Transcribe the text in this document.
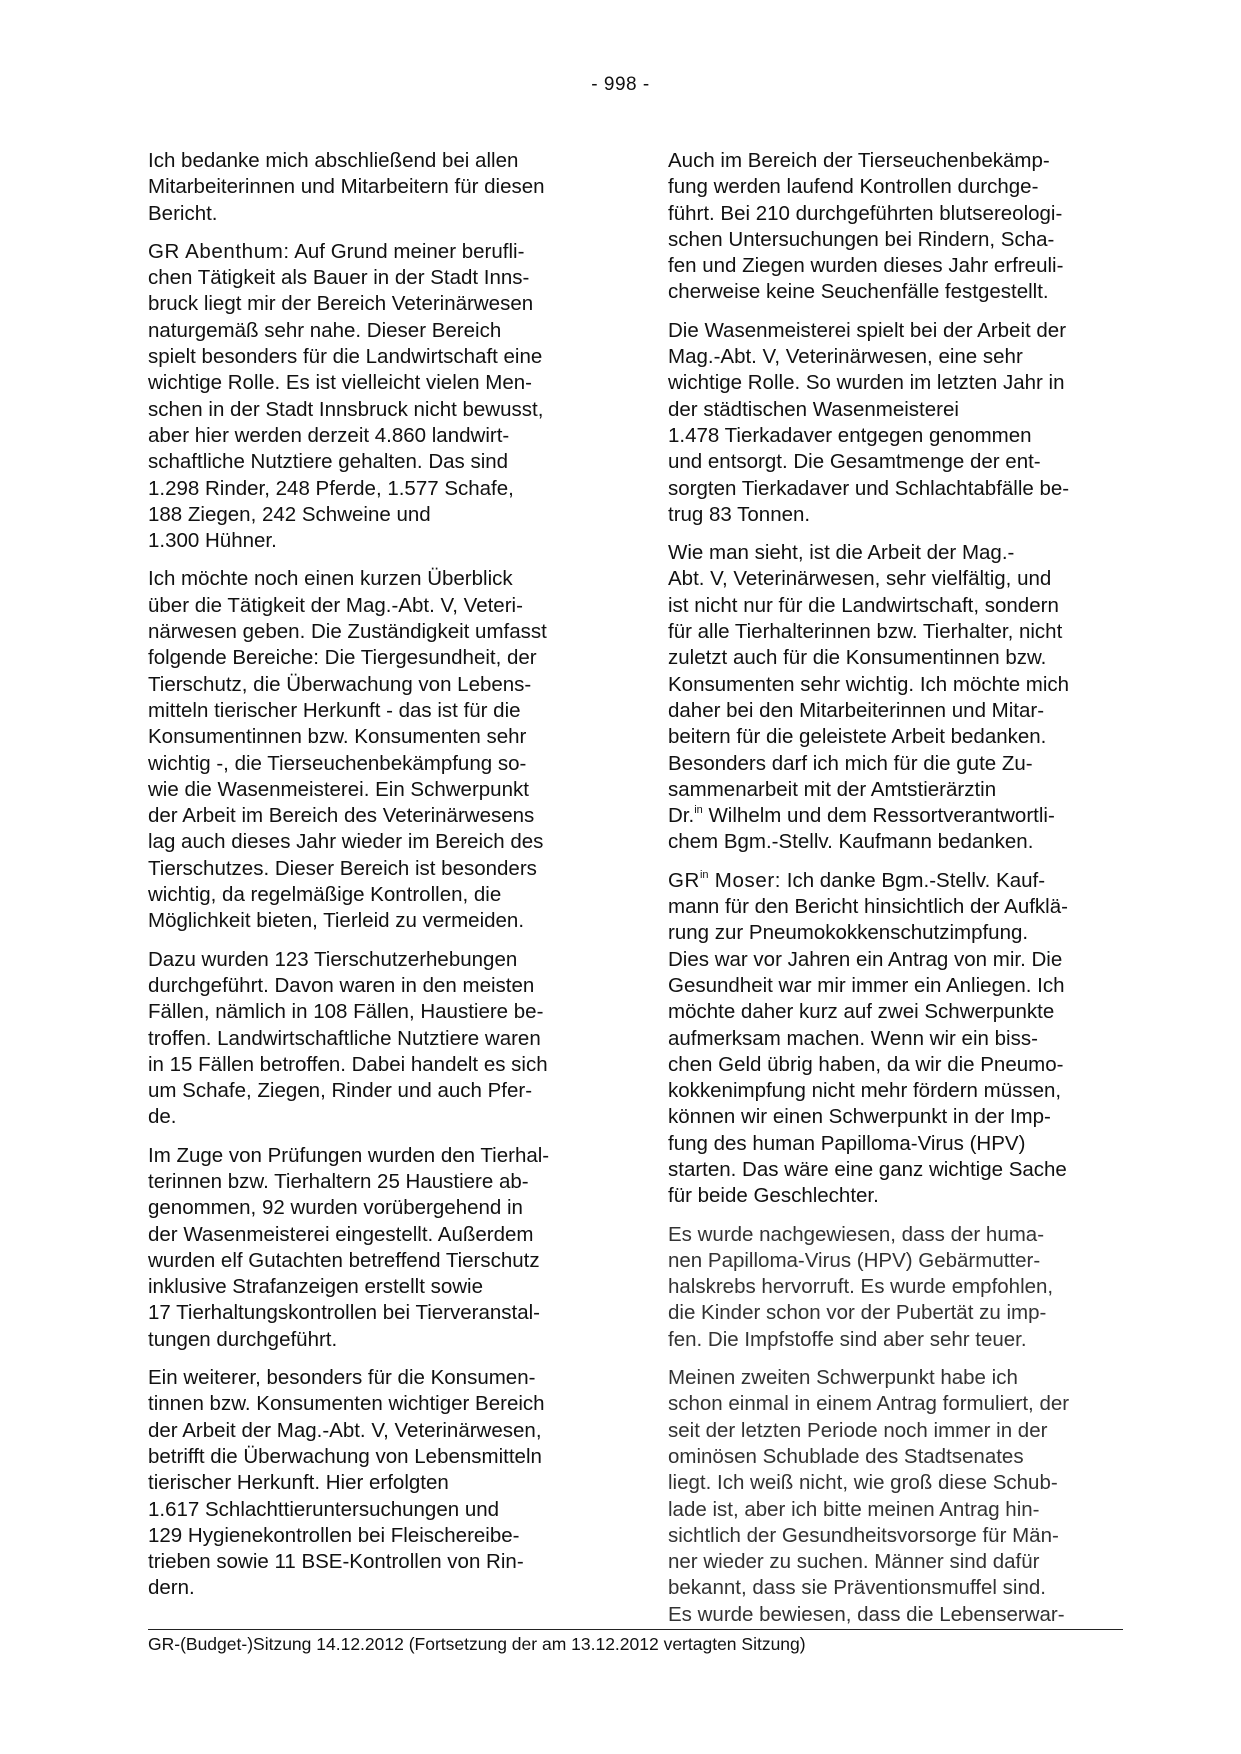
- 998 -

Ich bedanke mich abschließend bei allen
Mitarbeiterinnen und Mitarbeitern für diesen
Bericht.

GR Abenthum: Auf Grund meiner berufli-
chen Tätigkeit als Bauer in der Stadt Inns-
bruck liegt mir der Bereich Veterinärwesen
naturgemäß sehr nahe. Dieser Bereich
spielt besonders für die Landwirtschaft eine
wichtige Rolle. Es ist vielleicht vielen Men-
schen in der Stadt Innsbruck nicht bewusst,
aber hier werden derzeit 4.860 landwirt-
schaftliche Nutztiere gehalten. Das sind
1.298 Rinder, 248 Pferde, 1.577 Schafe,
188 Ziegen, 242 Schweine und
1.300 Hühner.

Ich möchte noch einen kurzen Überblick
über die Tätigkeit der Mag.-Abt. V, Veteri-
närwesen geben. Die Zuständigkeit umfasst
folgende Bereiche: Die Tiergesundheit, der
Tierschutz, die Überwachung von Lebens-
mitteln tierischer Herkunft - das ist für die
Konsumentinnen bzw. Konsumenten sehr
wichtig -, die Tierseuchenbekämpfung so-
wie die Wasenmeisterei. Ein Schwerpunkt
der Arbeit im Bereich des Veterinärwesens
lag auch dieses Jahr wieder im Bereich des
Tierschutzes. Dieser Bereich ist besonders
wichtig, da regelmäßige Kontrollen, die
Möglichkeit bieten, Tierleid zu vermeiden.

Dazu wurden 123 Tierschutzerhebungen
durchgeführt. Davon waren in den meisten
Fällen, nämlich in 108 Fällen, Haustiere be-
troffen. Landwirtschaftliche Nutztiere waren
in 15 Fällen betroffen. Dabei handelt es sich
um Schafe, Ziegen, Rinder und auch Pfer-
de.

Im Zuge von Prüfungen wurden den Tierhal-
terinnen bzw. Tierhaltern 25 Haustiere ab-
genommen, 92 wurden vorübergehend in
der Wasenmeisterei eingestellt. Außerdem
wurden elf Gutachten betreffend Tierschutz
inklusive Strafanzeigen erstellt sowie
17 Tierhaltungskontrollen bei Tierveranstal-
tungen durchgeführt.

Ein weiterer, besonders für die Konsumen-
tinnen bzw. Konsumenten wichtiger Bereich
der Arbeit der Mag.-Abt. V, Veterinärwesen,
betrifft die Überwachung von Lebensmitteln
tierischer Herkunft. Hier erfolgten
1.617 Schlachttieruntersuchungen und
129 Hygienekontrollen bei Fleischereibe-
trieben sowie 11 BSE-Kontrollen von Rin-
dern.

Auch im Bereich der Tierseuchenbekämp-
fung werden laufend Kontrollen durchge-
führt. Bei 210 durchgeführten blutsereologi-
schen Untersuchungen bei Rindern, Scha-
fen und Ziegen wurden dieses Jahr erfreuli-
cherweise keine Seuchenfälle festgestellt.

Die Wasenmeisterei spielt bei der Arbeit der
Mag.-Abt. V, Veterinärwesen, eine sehr
wichtige Rolle. So wurden im letzten Jahr in
der städtischen Wasenmeisterei
1.478 Tierkadaver entgegen genommen
und entsorgt. Die Gesamtmenge der ent-
sorgten Tierkadaver und Schlachtabfälle be-
trug 83 Tonnen.

Wie man sieht, ist die Arbeit der Mag.-
Abt. V, Veterinärwesen, sehr vielfältig, und
ist nicht nur für die Landwirtschaft, sondern
für alle Tierhalterinnen bzw. Tierhalter, nicht
zuletzt auch für die Konsumentinnen bzw.
Konsumenten sehr wichtig. Ich möchte mich
daher bei den Mitarbeiterinnen und Mitar-
beitern für die geleistete Arbeit bedanken.
Besonders darf ich mich für die gute Zu-
sammenarbeit mit der Amtstierärztin
Dr.$^{in}$ Wilhelm und dem Ressortverantwortli-
chem Bgm.-Stellv. Kaufmann bedanken.

$GR^{in}$ Moser: Ich danke Bgm.-Stellv. Kauf-
mann für den Bericht hinsichtlich der Aufklä-
rung zur Pneumokokkenschutzimpfung.
Dies war vor Jahren ein Antrag von mir. Die
Gesundheit war mir immer ein Anliegen. Ich
möchte daher kurz auf zwei Schwerpunkte
aufmerksam machen. Wenn wir ein biss-
chen Geld übrig haben, da wir die Pneumo-
kokkenimpfung nicht mehr fördern müssen,
können wir einen Schwerpunkt in der Imp-
fung des human Papilloma-Virus (HPV)
starten. Das wäre eine ganz wichtige Sache
für beide Geschlechter.

Es wurde nachgewiesen, dass der huma-
nen Papilloma-Virus (HPV) Gebärmutter-
halskrebs hervorruft. Es wurde empfohlen,
die Kinder schon vor der Pubertät zu imp-
fen. Die Impfstoffe sind aber sehr teuer.

Meinen zweiten Schwerpunkt habe ich
schon einmal in einem Antrag formuliert, der
seit der letzten Periode noch immer in der
ominösen Schublade des Stadtsenates
liegt. Ich weiß nicht, wie groß diese Schub-
lade ist, aber ich bitte meinen Antrag hin-
sichtlich der Gesundheitsvorsorge für Män-
ner wieder zu suchen. Männer sind dafür
bekannt, dass sie Präventionsmuffel sind.
Es wurde bewiesen, dass die Lebenserwar-

GR-(Budget-)Sitzung 14.12.2012 (Fortsetzung der am 13.12.2012 vertagten Sitzung)
